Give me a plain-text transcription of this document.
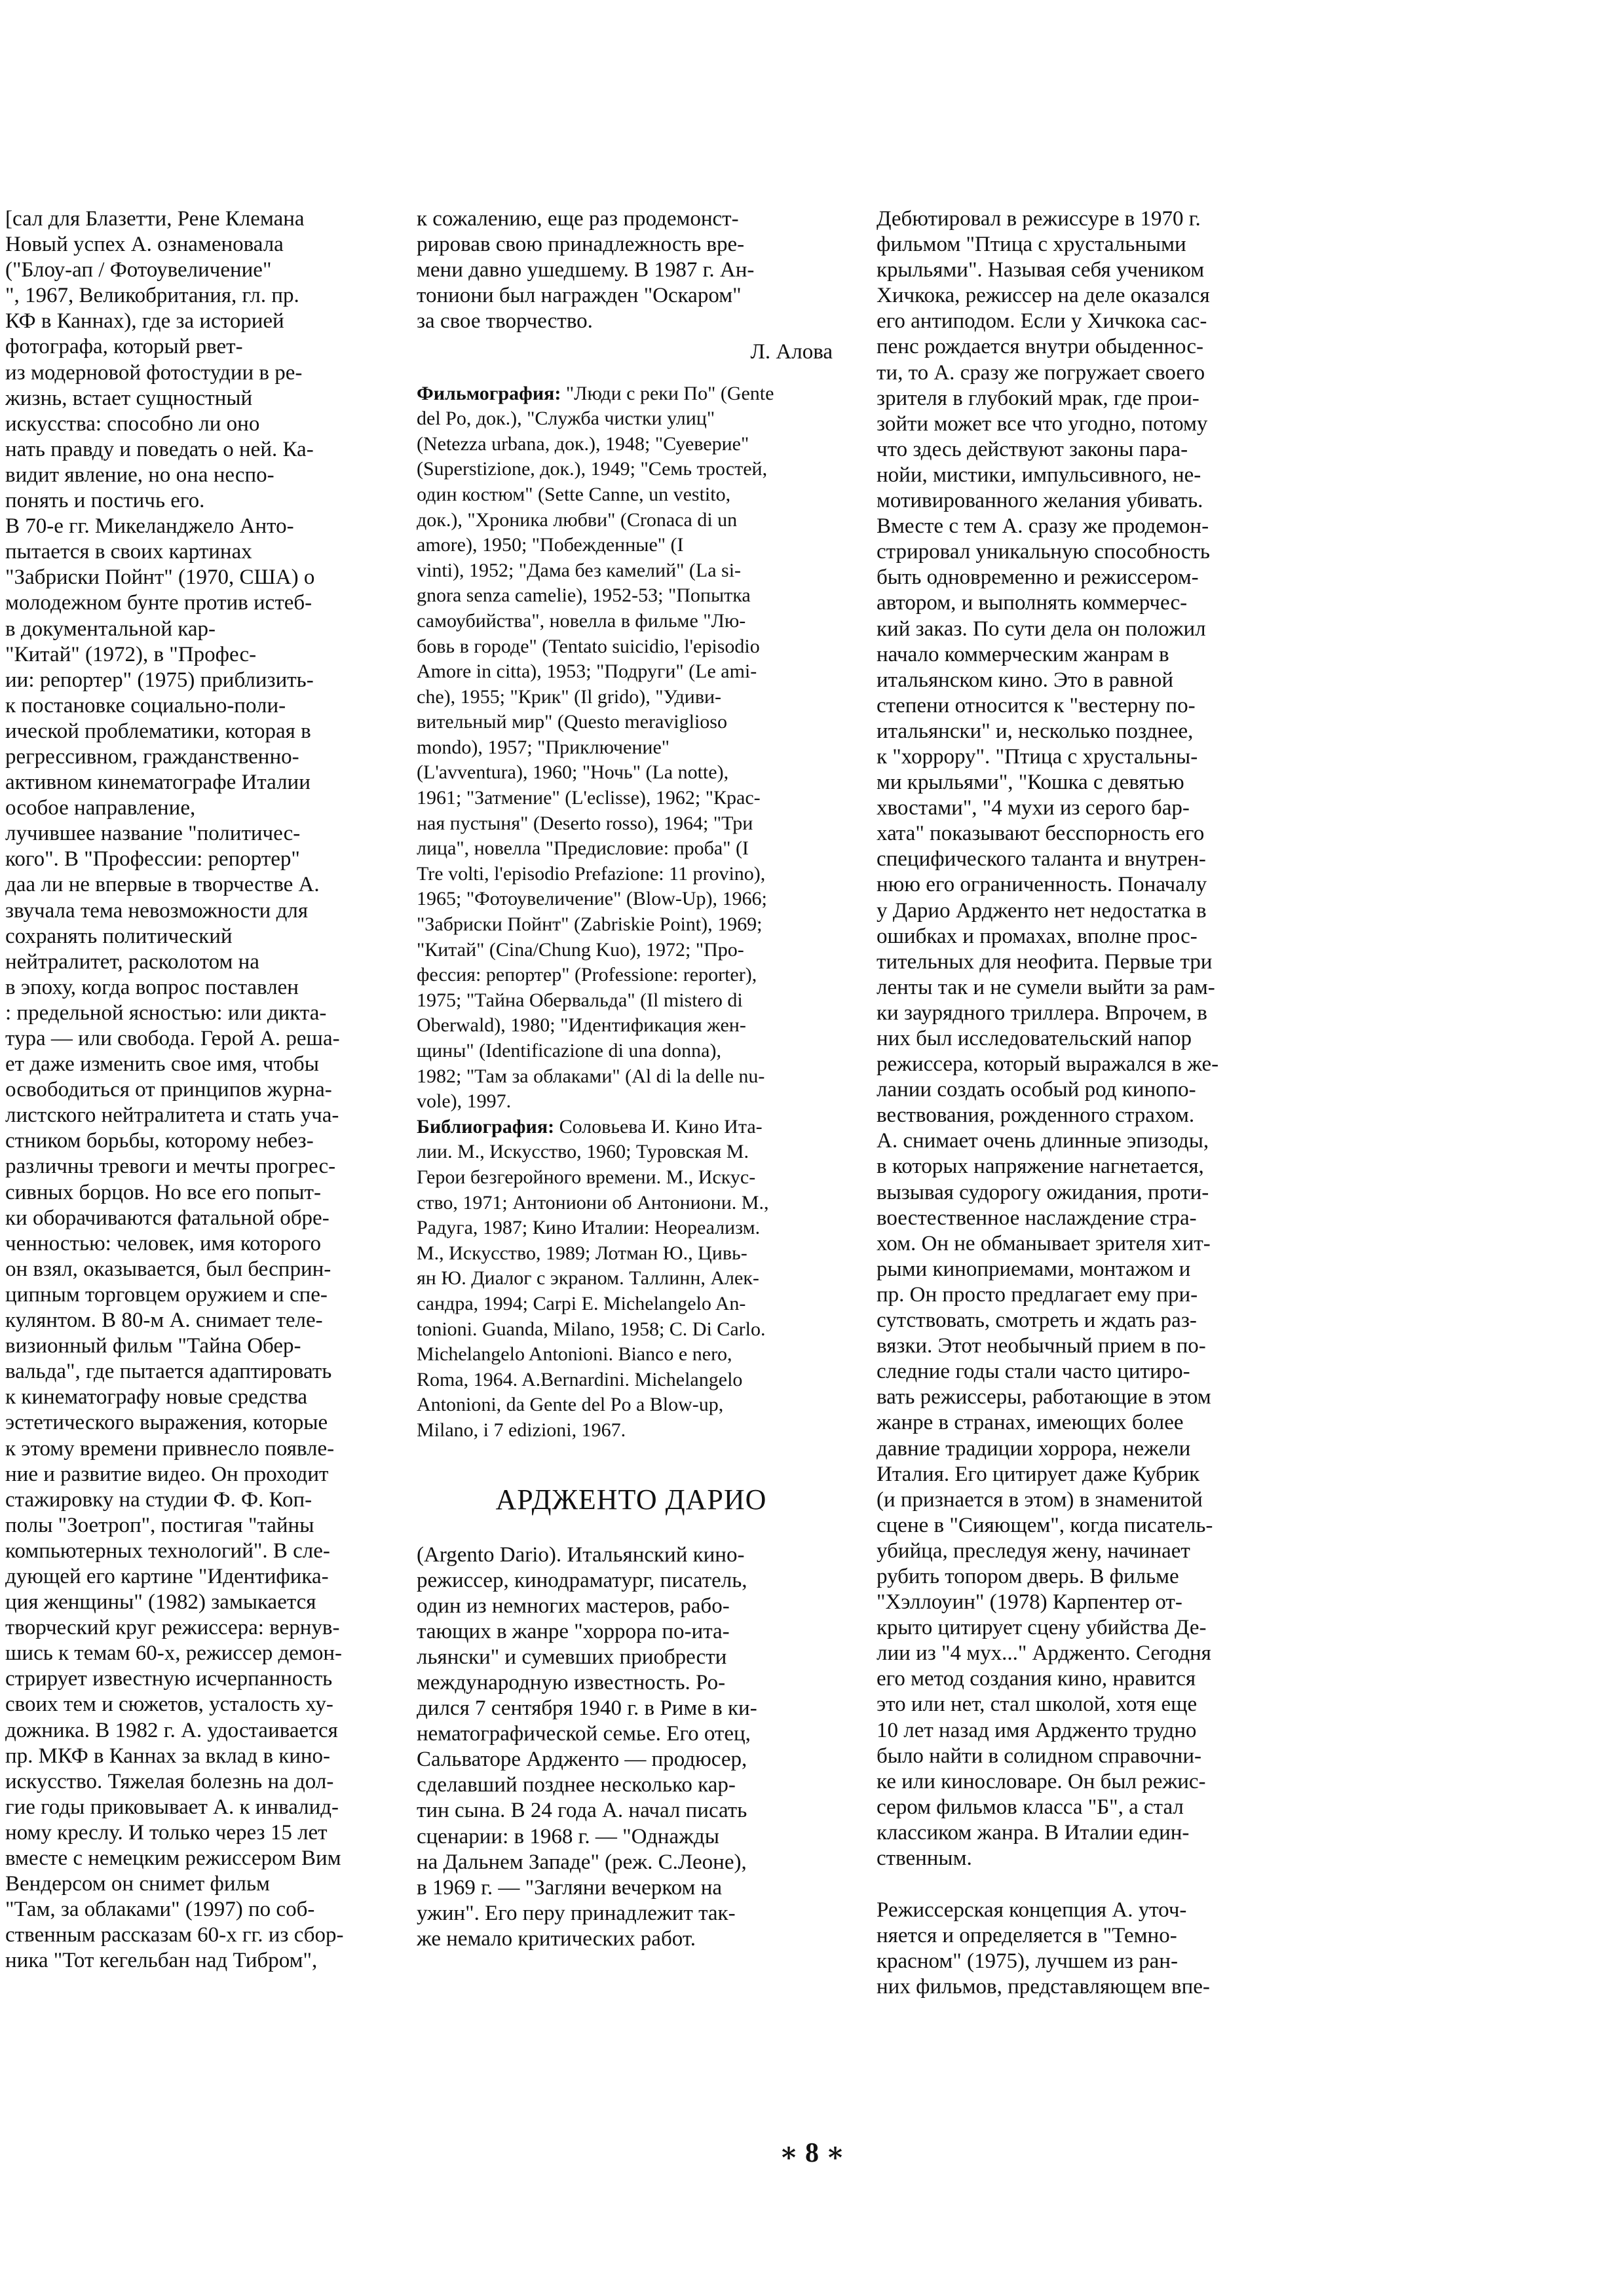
[сал для Блазетти, Рене Клемана
Новый успех А. ознаменовала
("Блоу-ап / Фотоувеличение"
", 1967, Великобритания, гл. пр.
КФ в Каннах), где за историей
фотографа, который рвет-
из модерновой фотостудии в ре-
жизнь, встает сущностный
искусства: способно ли оно
нать правду и поведать о ней. Ка-
видит явление, но она неспо-
понять и постичь его.
В 70-е гг. Микеланджело Анто-
пытается в своих картинах
"Забриски Пойнт" (1970, США) о
молодежном бунте против истеб-
в документальной кар-
"Китай" (1972), в "Профес-
ии: репортер" (1975) приблизить-
к постановке социально-поли-
ической проблематики, которая в
регрессивном, гражданственно-
активном кинематографе Италии
особое направление,
лучившее название "политичес-
кого". В "Профессии: репортер"
даа ли не впервые в творчестве А.
звучала тема невозможности для
сохранять политический
нейтралитет, расколотом на
в эпоху, когда вопрос поставлен
: предельной ясностью: или дикта-
тура — или свобода. Герой А. реша-
ет даже изменить свое имя, чтобы
освободиться от принципов журна-
листского нейтралитета и стать уча-
стником борьбы, которому небез-
различны тревоги и мечты прогрес-
сивных борцов. Но все его попыт-
ки оборачиваются фатальной обре-
ченностью: человек, имя которого
он взял, оказывается, был бесприн-
ципным торговцем оружием и спе-
кулянтом. В 80-м А. снимает теле-
визионный фильм "Тайна Обер-
вальда", где пытается адаптировать
к кинематографу новые средства
эстетического выражения, которые
к этому времени привнесло появле-
ние и развитие видео. Он проходит
стажировку на студии Ф. Ф. Коп-
полы "Зоетроп", постигая "тайны
компьютерных технологий". В сле-
дующей его картине "Идентифика-
ция женщины" (1982) замыкается
творческий круг режиссера: вернув-
шись к темам 60-х, режиссер демон-
стрирует известную исчерпанность
своих тем и сюжетов, усталость ху-
дожника. В 1982 г. А. удостаивается
пр. МКФ в Каннах за вклад в кино-
искусство. Тяжелая болезнь на дол-
гие годы приковывает А. к инвалид-
ному креслу. И только через 15 лет
вместе с немецким режиссером Вим
Вендерсом он снимет фильм
"Там, за облаками" (1997) по соб-
ственным рассказам 60-х гг. из сбор-
ника "Тот кегельбан над Тибром",
к сожалению, еще раз продемонст-
рировав свою принадлежность вре-
мени давно ушедшему. В 1987 г. Ан-
тониони был награжден "Оскаром"
за свое творчество.
Л. Алова
Фильмография: "Люди с реки По" (Gente
del Po, док.), "Служба чистки улиц"
(Netezza urbana, док.), 1948; "Суеверие"
(Superstizione, док.), 1949; "Семь тростей,
один костюм" (Sette Canne, un vestito,
док.), "Хроника любви" (Cronaca di un
amore), 1950; "Побежденные" (I
vinti), 1952; "Дама без камелий" (La si-
gnora senza camelie), 1952-53; "Попытка
самоубийства", новелла в фильме "Лю-
бовь в городе" (Tentato suicidio, l'episodio
Amore in citta), 1953; "Подруги" (Le ami-
che), 1955; "Крик" (Il grido), "Удиви-
вительный мир" (Questo meraviglioso
mondo), 1957; "Приключение"
(L'avventura), 1960; "Ночь" (La notte),
1961; "Затмение" (L'eclisse), 1962; "Крас-
ная пустыня" (Deserto rosso), 1964; "Три
лица", новелла "Предисловие: проба" (I
Tre volti, l'episodio Prefazione: 11 provino),
1965; "Фотоувеличение" (Blow-Up), 1966;
"Забриски Пойнт" (Zabriskie Point), 1969;
"Китай" (Cina/Chung Kuo), 1972; "Про-
фессия: репортер" (Professione: reporter),
1975; "Тайна Обервальда" (Il mistero di
Oberwald), 1980; "Идентификация жен-
щины" (Identificazione di una donna),
1982; "Там за облаками" (Al di la delle nu-
vole), 1997.
Библиография: Соловьева И. Кино Ита-
лии. М., Искусство, 1960; Туровская М.
Герои безгеройного времени. М., Искус-
ство, 1971; Антониони об Антониони. М.,
Радуга, 1987; Кино Италии: Неореализм.
М., Искусство, 1989; Лотман Ю., Цивь-
ян Ю. Диалог с экраном. Таллинн, Алек-
сандра, 1994; Carpi E. Michelangelo An-
tonioni. Guanda, Milano, 1958; C. Di Carlo.
Michelangelo Antonioni. Bianco e nero,
Roma, 1964. A.Bernardini. Michelangelo
Antonioni, da Gente del Po a Blow-up,
Milano, i 7 edizioni, 1967.
АРДЖЕНТО ДАРИО
(Argento Dario). Итальянский кино-
режиссер, кинодраматург, писатель,
один из немногих мастеров, рабо-
тающих в жанре "хоррора по-ита-
льянски" и сумевших приобрести
международную известность. Ро-
дился 7 сентября 1940 г. в Риме в ки-
нематографической семье. Его отец,
Сальваторе Ардженто — продюсер,
сделавший позднее несколько кар-
тин сына. В 24 года А. начал писать
сценарии: в 1968 г. — "Однажды
на Дальнем Западе" (реж. С.Леоне),
в 1969 г. — "Загляни вечерком на
ужин". Его перу принадлежит так-
же немало критических работ.
Дебютировал в режиссуре в 1970 г.
фильмом "Птица с хрустальными
крыльями". Называя себя учеником
Хичкока, режиссер на деле оказался
его антиподом. Если у Хичкока сас-
пенс рождается внутри обыденнос-
ти, то А. сразу же погружает своего
зрителя в глубокий мрак, где прои-
зойти может все что угодно, потому
что здесь действуют законы пара-
нойи, мистики, импульсивного, не-
мотивированного желания убивать.
Вместе с тем А. сразу же продемон-
стрировал уникальную способность
быть одновременно и режиссером-
автором, и выполнять коммерчес-
кий заказ. По сути дела он положил
начало коммерческим жанрам в
итальянском кино. Это в равной
степени относится к "вестерну по-
итальянски" и, несколько позднее,
к "хоррору". "Птица с хрустальны-
ми крыльями", "Кошка с девятью
хвостами", "4 мухи из серого бар-
хата" показывают бесспорность его
специфического таланта и внутрен-
нюю его ограниченность. Поначалу
у Дарио Ардженто нет недостатка в
ошибках и промахах, вполне прос-
тительных для неофита. Первые три
ленты так и не сумели выйти за рам-
ки заурядного триллера. Впрочем, в
них был исследовательский напор
режиссера, который выражался в же-
лании создать особый род кинопо-
вествования, рожденного страхом.
А. снимает очень длинные эпизоды,
в которых напряжение нагнетается,
вызывая судорогу ожидания, проти-
воестественное наслаждение стра-
хом. Он не обманывает зрителя хит-
рыми киноприемами, монтажом и
пр. Он просто предлагает ему при-
сутствовать, смотреть и ждать раз-
вязки. Этот необычный прием в по-
следние годы стали часто цитиро-
вать режиссеры, работающие в этом
жанре в странах, имеющих более
давние традиции хоррора, нежели
Италия. Его цитирует даже Кубрик
(и признается в этом) в знаменитой
сцене в "Сияющем", когда писатель-
убийца, преследуя жену, начинает
рубить топором дверь. В фильме
"Хэллоуин" (1978) Карпентер от-
крыто цитирует сцену убийства Де-
лии из "4 мух..." Ардженто. Сегодня
его метод создания кино, нравится
это или нет, стал школой, хотя еще
10 лет назад имя Ардженто трудно
было найти в солидном справочни-
ке или кинословаре. Он был режис-
сером фильмов класса "Б", а стал
классиком жанра. В Италии един-
ственным.
Режиссерская концепция А. уточ-
няется и определяется в "Темно-
красном" (1975), лучшем из ран-
них фильмов, представляющем впе-
∗ 8 ∗
